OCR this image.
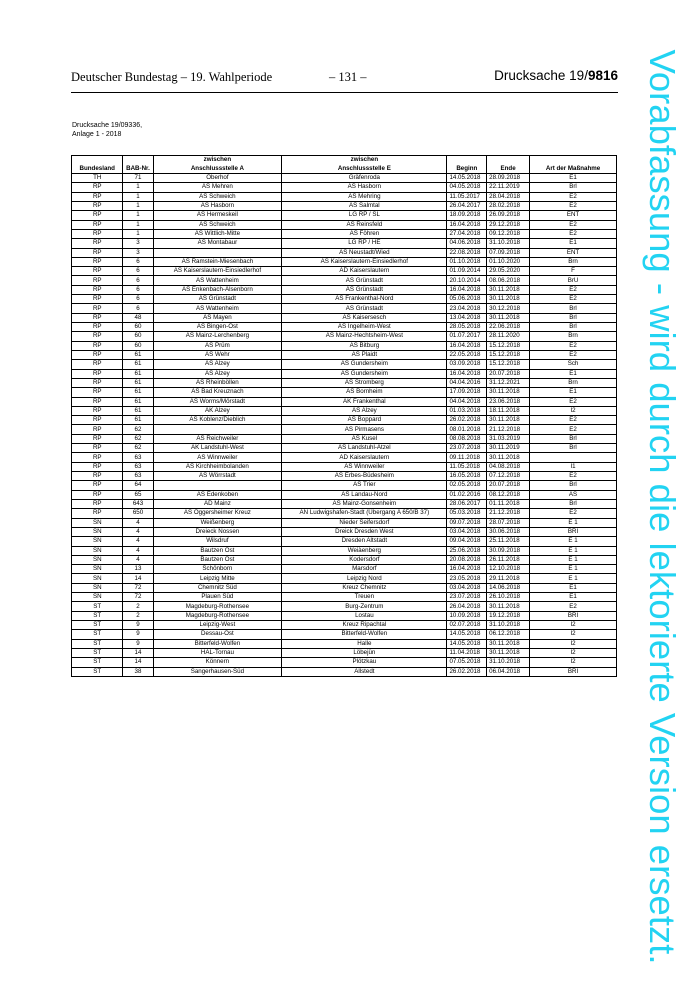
Deutscher Bundestag – 19. Wahlperiode	– 131 –	Drucksache 19/9816
Drucksache 19/09336,
Anlage 1 - 2018
		zwischen	zwischen			
Bundesland	BAB-Nr.	Anschlussstelle A	Anschlussstelle E	Beginn	Ende	Art der Maßnahme
TH	71	Oberhof	Gräfenroda	14.05.2018	28.09.2018	E1
RP	1	AS Mehren	AS Hasborn	04.05.2018	22.11.2019	Brl
RP	1	AS Schweich	AS Mehring	11.05.2017	28.04.2018	E2
RP	1	AS Hasborn	AS Salmtal	26.04.2017	28.02.2018	E2
RP	1	AS Hermeskeil	LG RP / SL	18.09.2018	26.09.2018	ENT
RP	1	AS Schweich	AS Reinsfeld	16.04.2018	29.12.2018	E2
RP	1	AS Wittlich-Mitte	AS Föhren	27.04.2018	09.12.2018	E2
RP	3	AS Montabaur	LG RP / HE	04.06.2018	31.10.2018	E1
RP	3		AS Neustadt/Wied	22.08.2018	07.09.2018	ENT
RP	6	AS Ramstein-Miesenbach	AS Kaiserslautern-Einsiedlerhof	01.10.2018	01.10.2020	Brn
RP	6	AS Kaiserslautern-Einsiedlerhof	AD Kaiserslautern	01.09.2014	29.05.2020	F
RP	6	AS Wattenheim	AS Grünstadt	20.10.2014	08.06.2018	BrU
RP	6	AS Enkenbach-Alsenborn	AS Grünstadt	16.04.2018	30.11.2018	E2
RP	6	AS Grünstadt	AS Frankenthal-Nord	05.06.2018	30.11.2018	E2
RP	6	AS Wattenheim	AS Grünstadt	23.04.2018	30.12.2018	Brl
RP	48	AS Mayen	AS Kaisersesch	13.04.2018	30.11.2018	Brl
RP	60	AS Bingen-Ost	AS Ingelheim-West	28.05.2018	22.06.2018	Brl
RP	60	AS Mainz-Lerchenberg	AS Mainz-Hechtsheim-West	01.07.2017	28.11.2020	Brn
RP	60	AS Prüm	AS Bitburg	16.04.2018	15.12.2018	E2
RP	61	AS Wehr	AS Plaidt	22.05.2018	15.12.2018	E2
RP	61	AS Alzey	AS Gundersheim	03.09.2018	15.12.2018	Sch
RP	61	AS Alzey	AS Gundersheim	16.04.2018	20.07.2018	E1
RP	61	AS Rheinböllen	AS Stromberg	04.04.2016	31.12.2021	Brn
RP	61	AS Bad Kreuznach	AS Bornheim	17.09.2018	30.11.2018	E1
RP	61	AS Worms/Mörstadt	AK Frankenthal	04.04.2018	23.06.2018	E2
RP	61	AK Alzey	AS Alzey	01.03.2018	18.11.2018	I2
RP	61	AS Koblenz/Dieblich	AS Boppard	26.02.2018	30.11.2018	E2
RP	62		AS Pirmasens	08.01.2018	21.12.2018	E2
RP	62	AS Reichweiler	AS Kusel	08.08.2018	31.03.2019	Brl
RP	62	AK Landstuhl-West	AS Landstuhl-Atzel	23.07.2018	30.11.2019	Brl
RP	63	AS Winnweiler	AD Kaiserslautern	09.11.2018	30.11.2018	
RP	63	AS Kirchheimbolanden	AS Winnweiler	11.05.2018	04.08.2018	I1
RP	63	AS Wörrstadt	AS Erbes-Büdesheim	16.05.2018	07.12.2018	E2
RP	64		AS Trier	02.05.2018	20.07.2018	Brl
RP	65	AS Edenkoben	AS Landau-Nord	01.02.2016	08.12.2018	AS
RP	643	AD Mainz	AS Mainz-Gonsenheim	28.06.2017	01.11.2018	Brl
RP	650	AS Oggersheimer Kreuz	AN Ludwigshafen-Stadt (Übergang A 650/B 37)	05.03.2018	21.12.2018	E2
SN	4	Weißenberg	Nieder Seifersdorf	09.07.2018	28.07.2018	E 1
SN	4	Dreieck Nossen	Dreick Dresden West	03.04.2018	30.06.2018	BRI
SN	4	Wilsdruf	Dresden Altstadt	09.04.2018	25.11.2018	E 1
SN	4	Bautzen Ost	Weiàenberg	25.06.2018	30.09.2018	E 1
SN	4	Bautzen Ost	Kodersdorf	20.08.2018	26.11.2018	E 1
SN	13	Schönborn	Marsdorf	16.04.2018	12.10.2018	E 1
SN	14	Leipzig Mitte	Leipzig Nord	23.05.2018	29.11.2018	E 1
SN	72	Chemnitz Süd	Kreuz Chemnitz	03.04.2018	14.06.2018	E1
SN	72	Plauen Süd	Treuen	23.07.2018	26.10.2018	E1
ST	2	Magdeburg-Rothensee	Burg-Zentrum	26.04.2018	30.11.2018	E2
ST	2	Magdeburg-Rothensee	Lostau	10.09.2018	19.12.2018	BRI
ST	9	Leipzig-West	Kreuz Ripachtal	02.07.2018	31.10.2018	I2
ST	9	Dessau-Ost	Bitterfeld-Wolfen	14.05.2018	06.12.2018	I2
ST	9	Bitterfeld-Wolfen	Halle	14.05.2018	30.11.2018	I2
ST	14	HAL-Tornau	Löbejün	11.04.2018	30.11.2018	I2
ST	14	Könnern	Plötzkau	07.05.2018	31.10.2018	I2
ST	38	Sangerhausen-Süd	Allstedt	26.02.2018	06.04.2018	BRI Vorabfassung - wird durch die lektorierte Version ersetzt.
